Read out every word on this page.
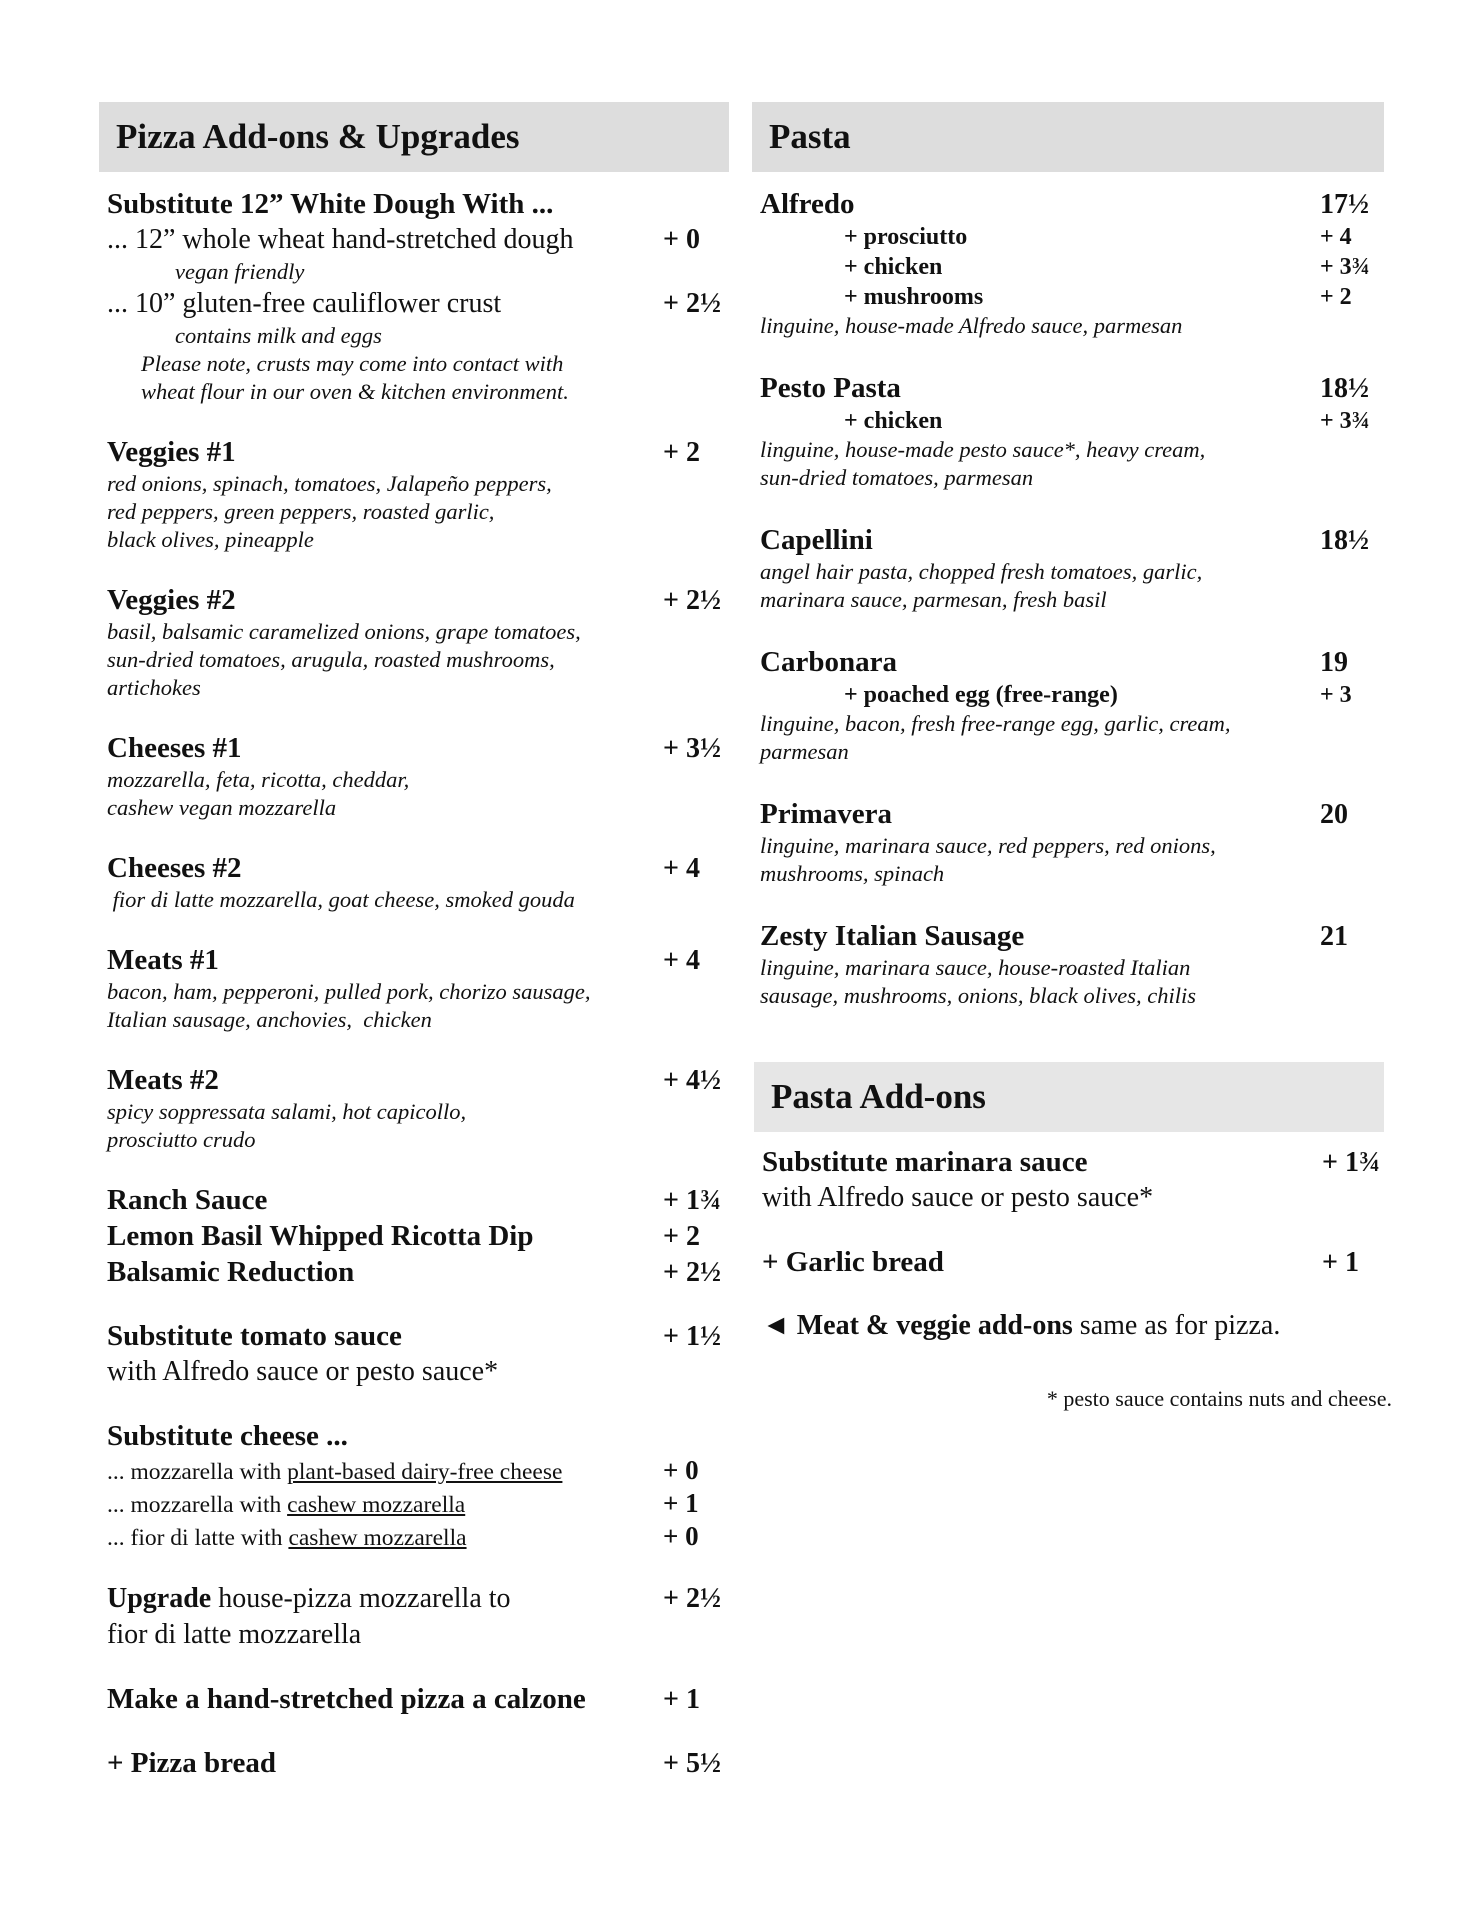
Pizza Add-ons & Upgrades
Substitute 12” White Dough With ...
... 12” whole wheat hand-stretched dough	+ 0
vegan friendly
... 10” gluten-free cauliflower crust	+ 2½
contains milk and eggs
Please note, crusts may come into contact with
wheat flour in our oven & kitchen environment.
Veggies #1	+ 2
red onions, spinach, tomatoes, Jalapeño peppers,
red peppers, green peppers, roasted garlic,
black olives, pineapple
Veggies #2	+ 2½
basil, balsamic caramelized onions, grape tomatoes,
sun-dried tomatoes, arugula, roasted mushrooms,
artichokes
Cheeses #1	+ 3½
mozzarella, feta, ricotta, cheddar,
cashew vegan mozzarella
Cheeses #2	+ 4
fior di latte mozzarella, goat cheese, smoked gouda
Meats #1	+ 4
bacon, ham, pepperoni, pulled pork, chorizo sausage,
Italian sausage, anchovies,  chicken
Meats #2	+ 4½
spicy soppressata salami, hot capicollo,
prosciutto crudo
Ranch Sauce	+ 1¾
Lemon Basil Whipped Ricotta Dip	+ 2
Balsamic Reduction	+ 2½
Substitute tomato sauce	+ 1½
with Alfredo sauce or pesto sauce*
Substitute cheese ...
... mozzarella with plant-based dairy-free cheese	+ 0
... mozzarella with cashew mozzarella	+ 1
... fior di latte with cashew mozzarella	+ 0
Upgrade house-pizza mozzarella to	+ 2½
fior di latte mozzarella
Make a hand-stretched pizza a calzone	+ 1
+ Pizza bread	+ 5½
Pasta
Alfredo	17½
+ prosciutto	+ 4
+ chicken	+ 3¾
+ mushrooms	+ 2
linguine, house-made Alfredo sauce, parmesan
Pesto Pasta	18½
+ chicken	+ 3¾
linguine, house-made pesto sauce*, heavy cream,
sun-dried tomatoes, parmesan
Capellini	18½
angel hair pasta, chopped fresh tomatoes, garlic,
marinara sauce, parmesan, fresh basil
Carbonara	19
+ poached egg (free-range)	+ 3
linguine, bacon, fresh free-range egg, garlic, cream,
parmesan
Primavera	20
linguine, marinara sauce, red peppers, red onions,
mushrooms, spinach
Zesty Italian Sausage	21
linguine, marinara sauce, house-roasted Italian
sausage, mushrooms, onions, black olives, chilis
Pasta Add-ons
Substitute marinara sauce	+ 1¾
with Alfredo sauce or pesto sauce*
+ Garlic bread	+ 1
◄ Meat & veggie add-ons same as for pizza.
* pesto sauce contains nuts and cheese.
